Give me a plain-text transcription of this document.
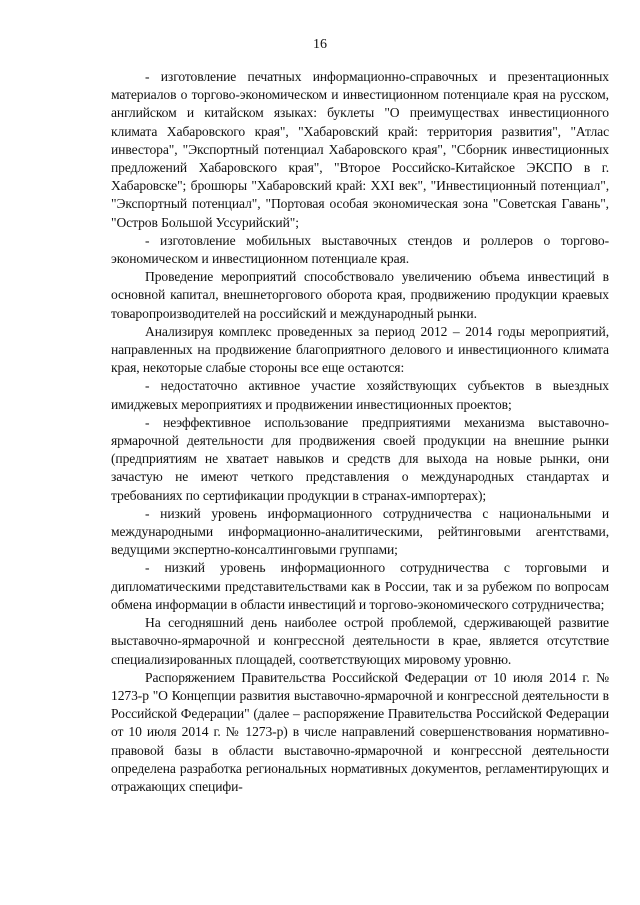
16

- изготовление печатных информационно-справочных и презентационных материалов о торгово-экономическом и инвестиционном потенциале края на русском, английском и китайском языках: буклеты "О преимуществах инвестиционного климата Хабаровского края", "Хабаровский край: территория развития", "Атлас инвестора", "Экспортный потенциал Хабаровского края", "Сборник инвестиционных предложений Хабаровского края", "Второе Российско-Китайское ЭКСПО в г. Хабаровске"; брошюры "Хабаровский край: XXI век", "Инвестиционный потенциал", "Экспортный потенциал", "Портовая особая экономическая зона "Советская Гавань", "Остров Большой Уссурийский";

- изготовление мобильных выставочных стендов и роллеров о торгово-экономическом и инвестиционном потенциале края.

Проведение мероприятий способствовало увеличению объема инвестиций в основной капитал, внешнеторгового оборота края, продвижению продукции краевых товаропроизводителей на российский и международный рынки.

Анализируя комплекс проведенных за период 2012 – 2014 годы мероприятий, направленных на продвижение благоприятного делового и инвестиционного климата края, некоторые слабые стороны все еще остаются:

- недостаточно активное участие хозяйствующих субъектов в выездных имиджевых мероприятиях и продвижении инвестиционных проектов;

- неэффективное использование предприятиями механизма выставочно-ярмарочной деятельности для продвижения своей продукции на внешние рынки (предприятиям не хватает навыков и средств для выхода на новые рынки, они зачастую не имеют четкого представления о международных стандартах и требованиях по сертификации продукции в странах-импортерах);

- низкий уровень информационного сотрудничества с национальными и международными информационно-аналитическими, рейтинговыми агентствами, ведущими экспертно-консалтинговыми группами;

- низкий уровень информационного сотрудничества с торговыми и дипломатическими представительствами как в России, так и за рубежом по вопросам обмена информации в области инвестиций и торгово-экономического сотрудничества;

На сегодняшний день наиболее острой проблемой, сдерживающей развитие выставочно-ярмарочной и конгрессной деятельности в крае, является отсутствие специализированных площадей, соответствующих мировому уровню.

Распоряжением Правительства Российской Федерации от 10 июля 2014 г. № 1273-р "О Концепции развития выставочно-ярмарочной и конгрессной деятельности в Российской Федерации" (далее – распоряжение Правительства Российской Федерации от 10 июля 2014 г. № 1273-р) в числе направлений совершенствования нормативно-правовой базы в области выставочно-ярмарочной и конгрессной деятельности определена разработка региональных нормативных документов, регламентирующих и отражающих специфи-
